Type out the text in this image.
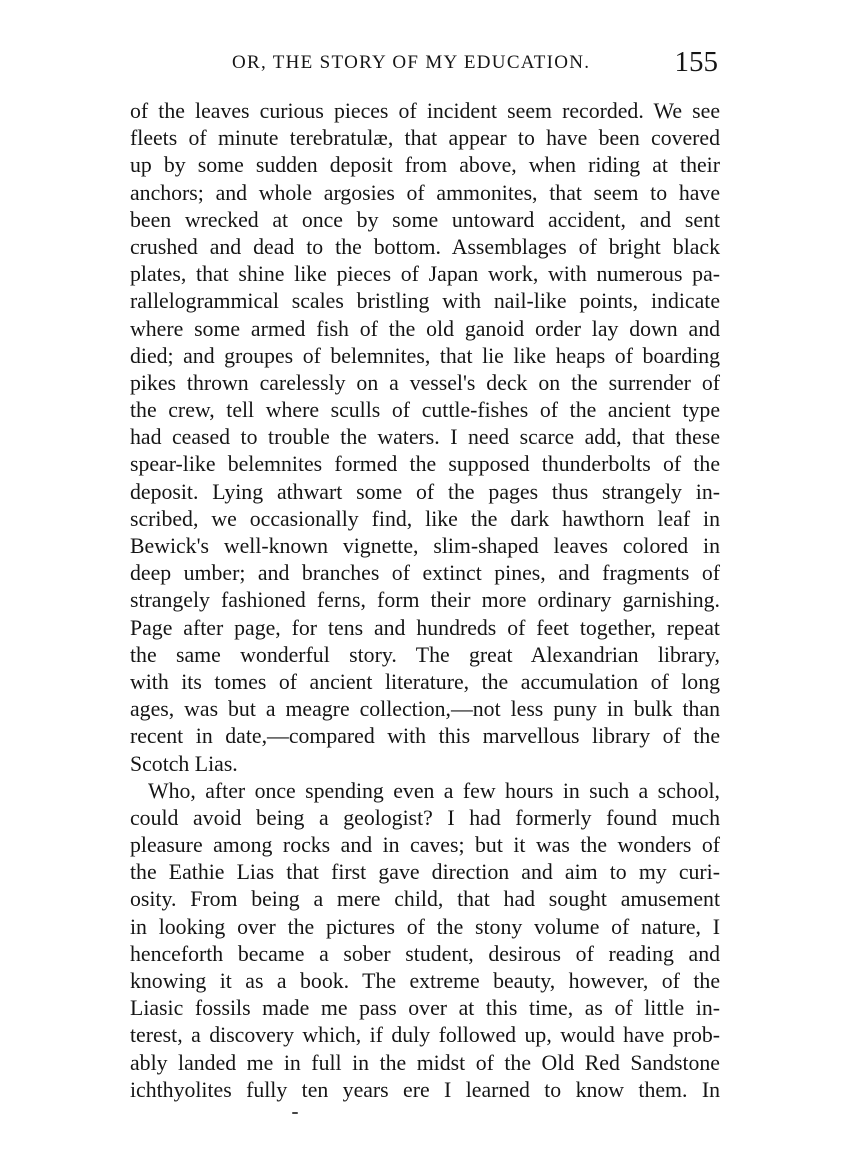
OR, THE STORY OF MY EDUCATION.	155
of the leaves curious pieces of incident seem recorded. We see
fleets of minute terebratulæ, that appear to have been covered
up by some sudden deposit from above, when riding at their
anchors; and whole argosies of ammonites, that seem to have
been wrecked at once by some untoward accident, and sent
crushed and dead to the bottom. Assemblages of bright black
plates, that shine like pieces of Japan work, with numerous pa-
rallelogrammical scales bristling with nail-like points, indicate
where some armed fish of the old ganoid order lay down and
died; and groupes of belemnites, that lie like heaps of boarding
pikes thrown carelessly on a vessel's deck on the surrender of
the crew, tell where sculls of cuttle-fishes of the ancient type
had ceased to trouble the waters. I need scarce add, that these
spear-like belemnites formed the supposed thunderbolts of the
deposit. Lying athwart some of the pages thus strangely in-
scribed, we occasionally find, like the dark hawthorn leaf in
Bewick's well-known vignette, slim-shaped leaves colored in
deep umber; and branches of extinct pines, and fragments of
strangely fashioned ferns, form their more ordinary garnishing.
Page after page, for tens and hundreds of feet together, repeat
the same wonderful story. The great Alexandrian library,
with its tomes of ancient literature, the accumulation of long
ages, was but a meagre collection,—not less puny in bulk than
recent in date,—compared with this marvellous library of the
Scotch Lias.
Who, after once spending even a few hours in such a school,
could avoid being a geologist? I had formerly found much
pleasure among rocks and in caves; but it was the wonders of
the Eathie Lias that first gave direction and aim to my curi-
osity. From being a mere child, that had sought amusement
in looking over the pictures of the stony volume of nature, I
henceforth became a sober student, desirous of reading and
knowing it as a book. The extreme beauty, however, of the
Liasic fossils made me pass over at this time, as of little in-
terest, a discovery which, if duly followed up, would have prob-
ably landed me in full in the midst of the Old Red Sandstone
ichthyolites fully ten years ere I learned to know them. In
